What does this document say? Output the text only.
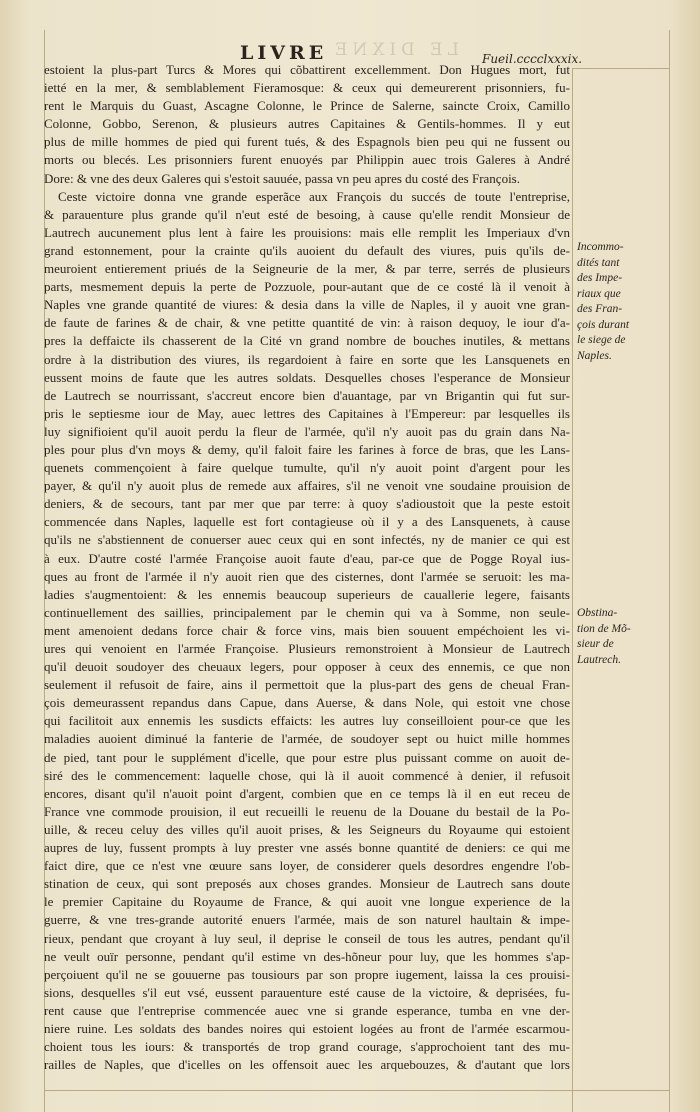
LE DIXNE
LIVRE	Fueil.cccclxxxix.
estoient la plus-part Turcs & Mores qui cõbattirent excellemment. Don Hugues mort, fut
ietté en la mer, & semblablement Fieramosque: & ceux qui demeurerent prisonniers, fu-
rent le Marquis du Guast, Ascagne Colonne, le Prince de Salerne, saincte Croix, Camillo
Colonne, Gobbo, Serenon, & plusieurs autres Capitaines & Gentils-hommes. Il y eut
plus de mille hommes de pied qui furent tués, & des Espagnols bien peu qui ne fussent ou
morts ou blecés. Les prisonniers furent enuoyés par Philippin auec trois Galeres à André
Dore: & vne des deux Galeres qui s'estoit sauuée, passa vn peu apres du costé des François.
Ceste victoire donna vne grande esperãce aux François du succés de toute l'entreprise,
& parauenture plus grande qu'il n'eut esté de besoing, à cause qu'elle rendit Monsieur de
Lautrech aucunement plus lent à faire les prouisions: mais elle remplit les Imperiaux d'vn
grand estonnement, pour la crainte qu'ils auoient du default des viures, puis qu'ils de-
meuroient entierement priués de la Seigneurie de la mer, & par terre, serrés de plusieurs
parts, mesmement depuis la perte de Pozzuole, pour-autant que de ce costé là il venoit à
Naples vne grande quantité de viures: & desia dans la ville de Naples, il y auoit vne gran-
de faute de farines & de chair, & vne petitte quantité de vin: à raison dequoy, le iour d'a-
pres la deffaicte ils chasserent de la Cité vn grand nombre de bouches inutiles, & mettans
ordre à la distribution des viures, ils regardoient à faire en sorte que les Lansquenets en
eussent moins de faute que les autres soldats. Desquelles choses l'esperance de Monsieur
de Lautrech se nourrissant, s'accreut encore bien d'auantage, par vn Brigantin qui fut sur-
pris le septiesme iour de May, auec lettres des Capitaines à l'Empereur: par lesquelles ils
luy signifioient qu'il auoit perdu la fleur de l'armée, qu'il n'y auoit pas du grain dans Na-
ples pour plus d'vn moys & demy, qu'il faloit faire les farines à force de bras, que les Lans-
quenets commençoient à faire quelque tumulte, qu'il n'y auoit point d'argent pour les
payer, & qu'il n'y auoit plus de remede aux affaires, s'il ne venoit vne soudaine prouision de
deniers, & de secours, tant par mer que par terre: à quoy s'adioustoit que la peste estoit
commencée dans Naples, laquelle est fort contagieuse où il y a des Lansquenets, à cause
qu'ils ne s'abstiennent de conuerser auec ceux qui en sont infectés, ny de manier ce qui est
à eux. D'autre costé l'armée Françoise auoit faute d'eau, par-ce que de Pogge Royal ius-
ques au front de l'armée il n'y auoit rien que des cisternes, dont l'armée se seruoit: les ma-
ladies s'augmentoient: & les ennemis beaucoup superieurs de cauallerie legere, faisants
continuellement des saillies, principalement par le chemin qui va à Somme, non seule-
ment amenoient dedans force chair & force vins, mais bien souuent empéchoient les vi-
ures qui venoient en l'armée Françoise. Plusieurs remonstroient à Monsieur de Lautrech
qu'il deuoit soudoyer des cheuaux legers, pour opposer à ceux des ennemis, ce que non
seulement il refusoit de faire, ains il permettoit que la plus-part des gens de cheual Fran-
çois demeurassent repandus dans Capue, dans Auerse, & dans Nole, qui estoit vne chose
qui facilitoit aux ennemis les susdicts effaicts: les autres luy conseilloient pour-ce que les
maladies auoient diminué la fanterie de l'armée, de soudoyer sept ou huict mille hommes
de pied, tant pour le supplément d'icelle, que pour estre plus puissant comme on auoit de-
siré des le commencement: laquelle chose, qui là il auoit commencé à denier, il refusoit
encores, disant qu'il n'auoit point d'argent, combien que en ce temps là il en eut receu de
France vne commode prouision, il eut recueilli le reuenu de la Douane du bestail de la Po-
uille, & receu celuy des villes qu'il auoit prises, & les Seigneurs du Royaume qui estoient
aupres de luy, fussent prompts à luy prester vne assés bonne quantité de deniers: ce qui me
faict dire, que ce n'est vne œuure sans loyer, de considerer quels desordres engendre l'ob-
stination de ceux, qui sont preposés aux choses grandes. Monsieur de Lautrech sans doute
le premier Capitaine du Royaume de France, & qui auoit vne longue experience de la
guerre, & vne tres-grande autorité enuers l'armée, mais de son naturel haultain & impe-
rieux, pendant que croyant à luy seul, il deprise le conseil de tous les autres, pendant qu'il
ne veult ouïr personne, pendant qu'il estime vn des-hõneur pour luy, que les hommes s'ap-
perçoiuent qu'il ne se gouuerne pas tousiours par son propre iugement, laissa la ces prouisi-
sions, desquelles s'il eut vsé, eussent parauenture esté cause de la victoire, & deprisées, fu-
rent cause que l'entreprise commencée auec vne si grande esperance, tumba en vne der-
niere ruine. Les soldats des bandes noires qui estoient logées au front de l'armée escarmou-
choient tous les iours: & transportés de trop grand courage, s'approchoient tant des mu-
railles de Naples, que d'icelles on les offensoit auec les arquebouzes, & d'autant que lors
Incommo-
dités tant
des Impe-
riaux que
des Fran-
çois durant
le siege de
Naples.
Obstina-
tion de Mõ-
sieur de
Lautrech.
